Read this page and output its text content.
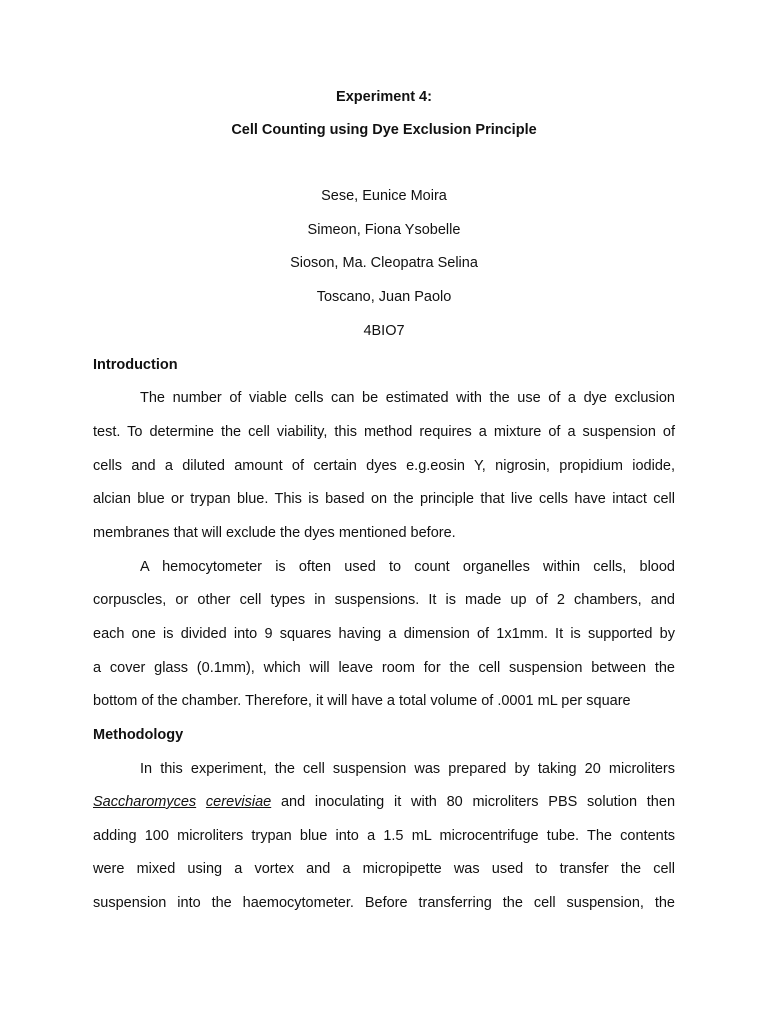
Experiment 4:
Cell Counting using Dye Exclusion Principle
Sese, Eunice Moira
Simeon, Fiona Ysobelle
Sioson, Ma. Cleopatra Selina
Toscano, Juan Paolo
4BIO7
Introduction
The number of viable cells can be estimated with the use of a dye exclusion
test. To determine the cell viability, this method requires a mixture of a suspension of
cells and a diluted amount of certain dyes e.g.eosin Y, nigrosin, propidium iodide,
alcian blue or trypan blue. This is based on the principle that live cells have intact cell
membranes that will exclude the dyes mentioned before.
A hemocytometer is often used to count organelles within cells, blood
corpuscles, or other cell types in suspensions. It is made up of 2 chambers, and
each one is divided into 9 squares having a dimension of 1x1mm. It is supported by
a cover glass (0.1mm), which will leave room for the cell suspension between the
bottom of the chamber. Therefore, it will have a total volume of .0001 mL per square
Methodology
In this experiment, the cell suspension was prepared by taking 20 microliters
Saccharomyces cerevisiae and inoculating it with 80 microliters PBS solution then
adding 100 microliters trypan blue into a 1.5 mL microcentrifuge tube. The contents
were mixed using a vortex and a micropipette was used to transfer the cell
suspension into the haemocytometer. Before transferring the cell suspension, the
